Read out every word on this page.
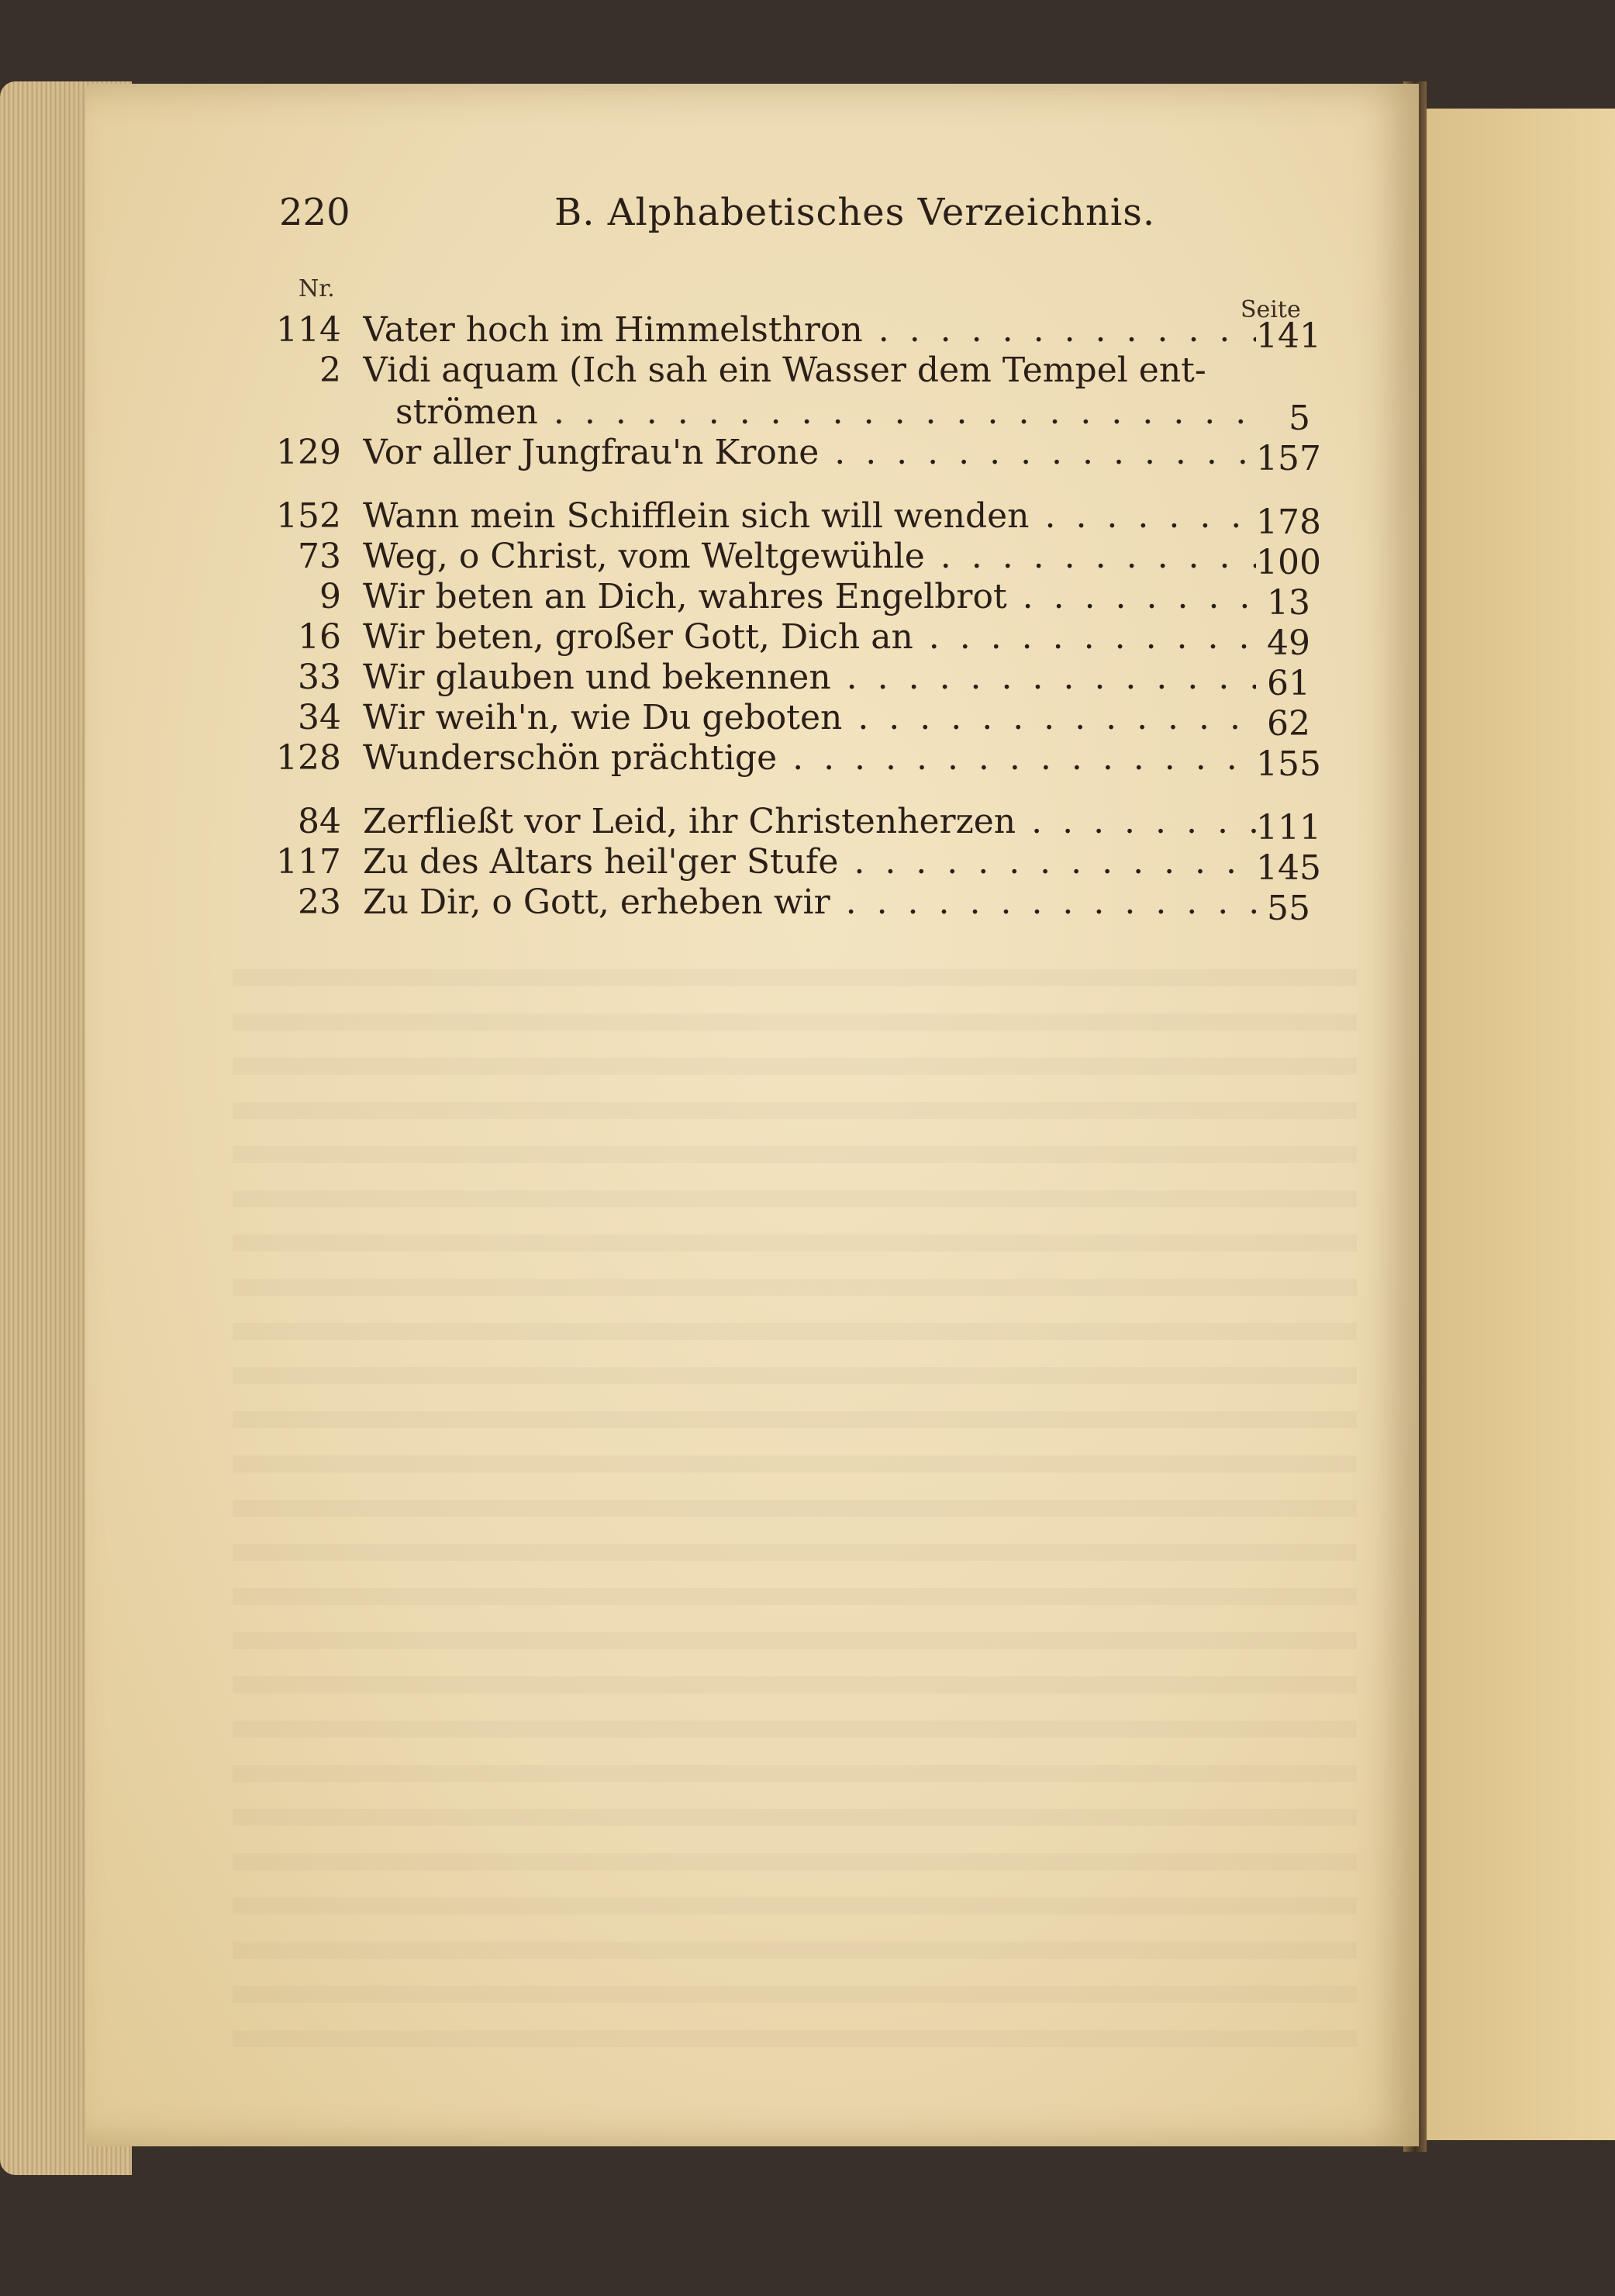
220	B. Alphabetisches Verzeichnis.
Nr.
Seite
114 Vater hoch im Himmelsthron . . .	141
2 Vidi aquam (Ich sah ein Wasser dem Tempel ent-
strömen . . .	5
129 Vor aller Jungfrau'n Krone . . .	157
152 Wann mein Schifflein sich will wenden . . .	178
73 Weg, o Christ, vom Weltgewühle . . .	100
9 Wir beten an Dich, wahres Engelbrot . . .	13
16 Wir beten, großer Gott, Dich an . . .	49
33 Wir glauben und bekennen . . .	61
34 Wir weih'n, wie Du geboten . . .	62
128 Wunderschön prächtige . . .	155
84 Zerfließt vor Leid, ihr Christenherzen . . .	111
117 Zu des Altars heil'ger Stufe . . .	145
23 Zu Dir, o Gott, erheben wir . . .	55
